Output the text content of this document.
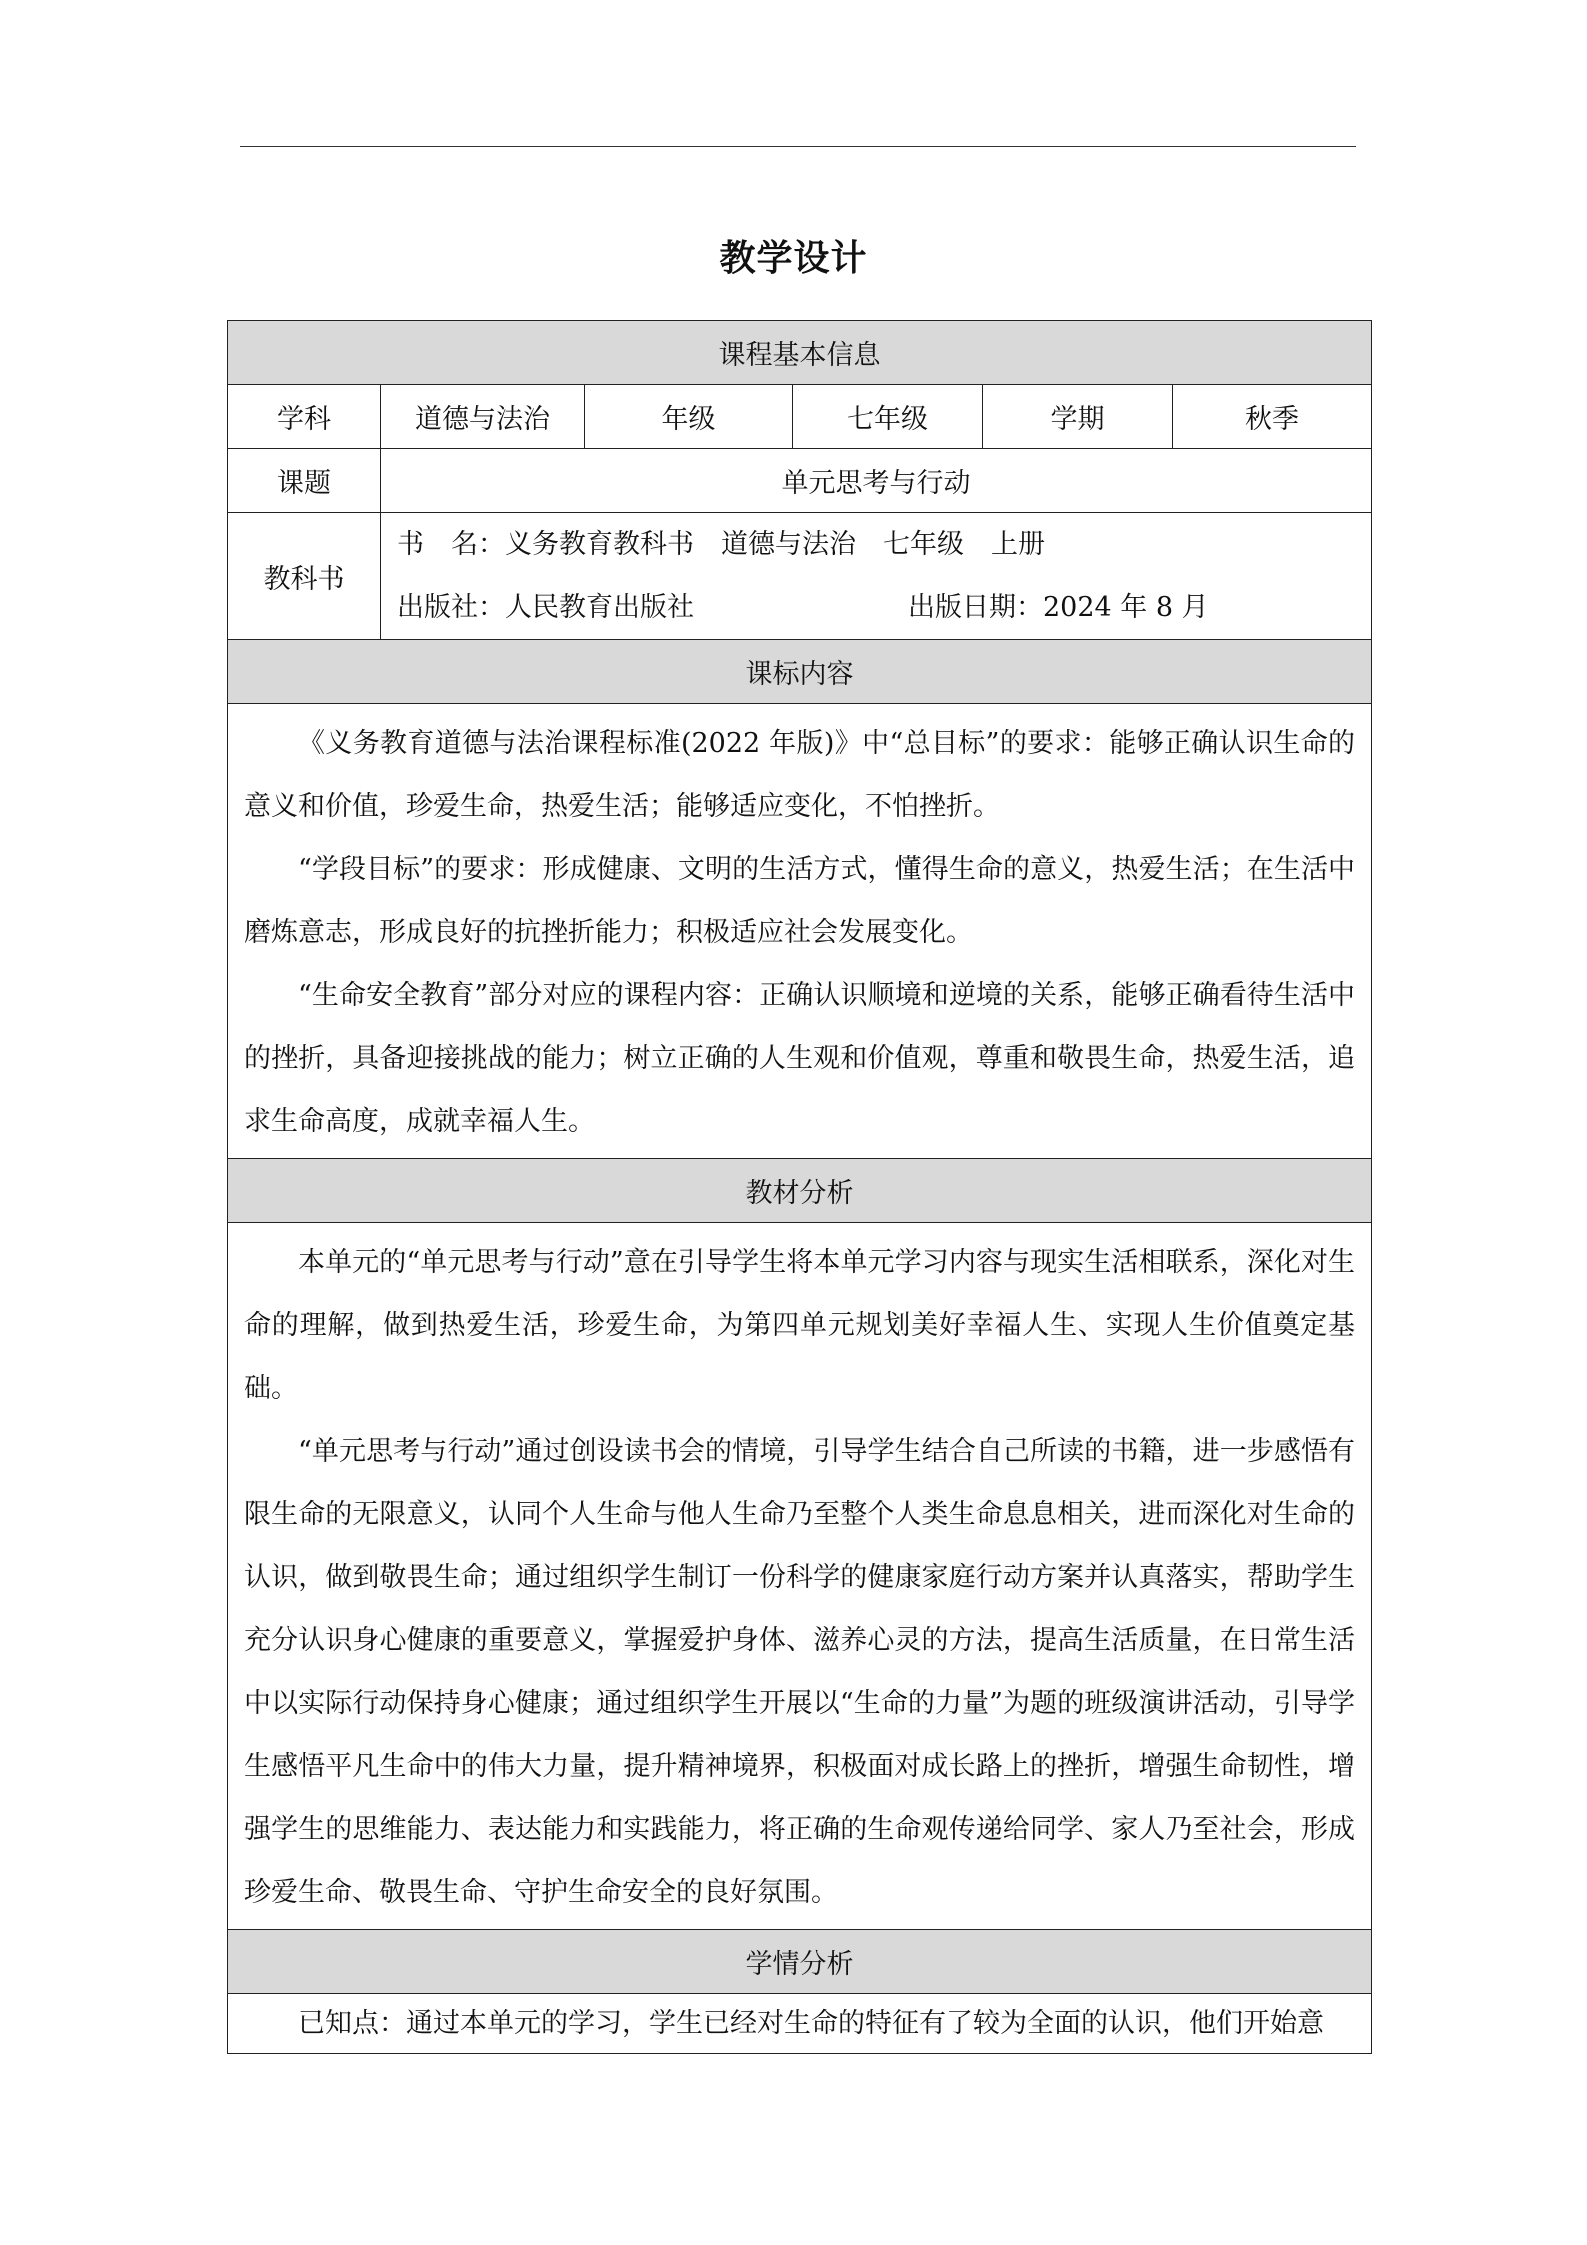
教学设计
课程基本信息					
学科	道德与法治	年级	七年级	学期	秋季
课题	单元思考与行动				
教科书	书　名：义务教育教科书　道德与法治　七年级　上册
出版社：人民教育出版社 出版日期：2024 年 8 月				

课标内容					

《义务教育道德与法治课程标准(2022 年版)》中“总目标”的要求：能够正确认识生命的意义和价值，珍爱生命，热爱生活；能够适应变化，不怕挫折。

“学段目标”的要求：形成健康、文明的生活方式，懂得生命的意义，热爱生活；在生活中磨炼意志，形成良好的抗挫折能力；积极适应社会发展变化。

“生命安全教育”部分对应的课程内容：正确认识顺境和逆境的关系，能够正确看待生活中的挫折，具备迎接挑战的能力；树立正确的人生观和价值观，尊重和敬畏生命，热爱生活，追求生命高度，成就幸福人生。					

教材分析					

本单元的“单元思考与行动”意在引导学生将本单元学习内容与现实生活相联系，深化对生命的理解，做到热爱生活，珍爱生命，为第四单元规划美好幸福人生、实现人生价值奠定基础。

“单元思考与行动”通过创设读书会的情境，引导学生结合自己所读的书籍，进一步感悟有限生命的无限意义，认同个人生命与他人生命乃至整个人类生命息息相关，进而深化对生命的认识，做到敬畏生命；通过组织学生制订一份科学的健康家庭行动方案并认真落实，帮助学生充分认识身心健康的重要意义，掌握爱护身体、滋养心灵的方法，提高生活质量，在日常生活中以实际行动保持身心健康；通过组织学生开展以“生命的力量”为题的班级演讲活动，引导学生感悟平凡生命中的伟大力量，提升精神境界，积极面对成长路上的挫折，增强生命韧性，增强学生的思维能力、表达能力和实践能力，将正确的生命观传递给同学、家人乃至社会，形成珍爱生命、敬畏生命、守护生命安全的良好氛围。					

学情分析					

已知点：通过本单元的学习，学生已经对生命的特征有了较为全面的认识，他们开始意					
